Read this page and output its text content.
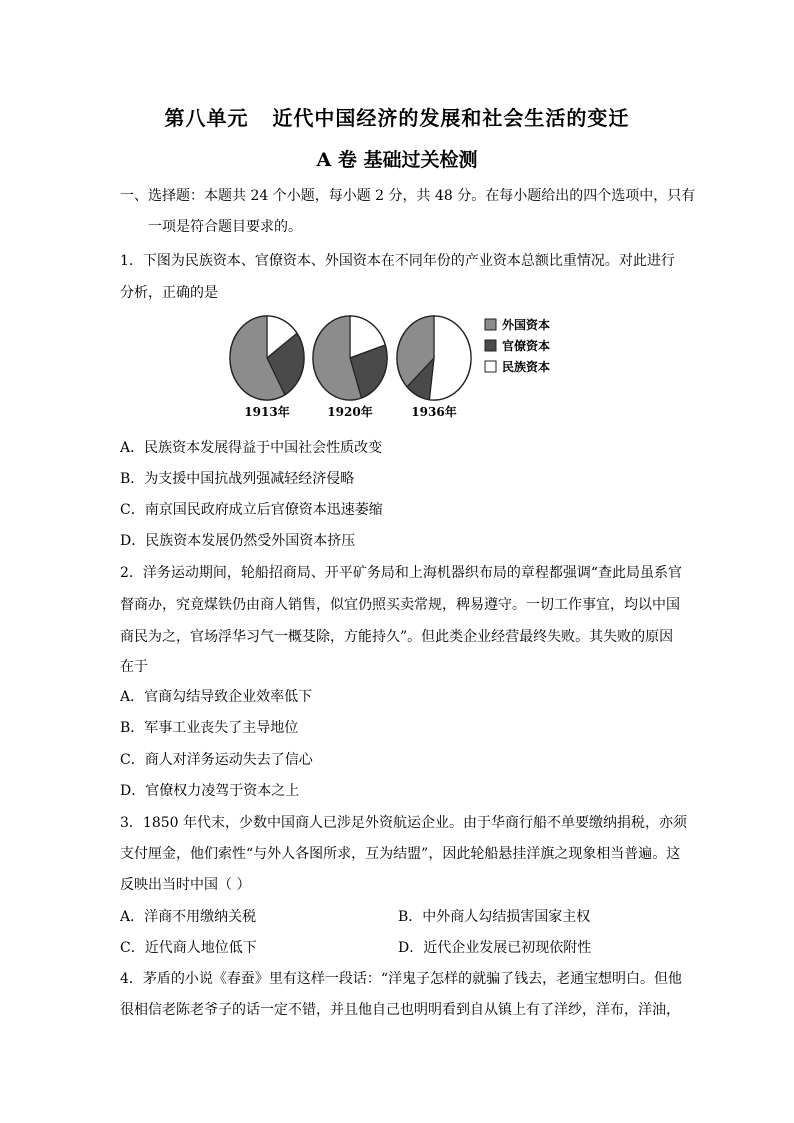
第八单元   近代中国经济的发展和社会生活的变迁
A 卷 基础过关检测
一、选择题：本题共 24 个小题，每小题 2 分，共 48 分。在每小题给出的四个选项中，只有
一项是符合题目要求的。
1．下图为民族资本、官僚资本、外国资本在不同年份的产业资本总额比重情况。对此进行
分析，正确的是
1913年	1920年	1936年
外国资本
官僚资本
民族资本
A．民族资本发展得益于中国社会性质改变
B．为支援中国抗战列强减轻经济侵略
C．南京国民政府成立后官僚资本迅速萎缩
D．民族资本发展仍然受外国资本挤压
2．洋务运动期间，轮船招商局、开平矿务局和上海机器织布局的章程都强调“查此局虽系官
督商办，究竟煤铁仍由商人销售，似宜仍照买卖常规，稗易遵守。一切工作事宜，均以中国
商民为之，官场浮华习气一概芟除，方能持久”。但此类企业经营最终失败。其失败的原因
在于
A．官商勾结导致企业效率低下
B．军事工业丧失了主导地位
C．商人对洋务运动失去了信心
D．官僚权力凌驾于资本之上
3．1850 年代末，少数中国商人已涉足外资航运企业。由于华商行船不单要缴纳捐税，亦须
支付厘金，他们索性“与外人各图所求，互为结盟”，因此轮船悬挂洋旗之现象相当普遍。这
反映出当时中国（ ）
A．洋商不用缴纳关税	B．中外商人勾结损害国家主权
C．近代商人地位低下	D．近代企业发展已初现依附性
4．茅盾的小说《春蚕》里有这样一段话：“洋鬼子怎样的就骗了钱去，老通宝想明白。但他
很相信老陈老爷子的话一定不错，并且他自己也明明看到自从镇上有了洋纱，洋布，洋油，
